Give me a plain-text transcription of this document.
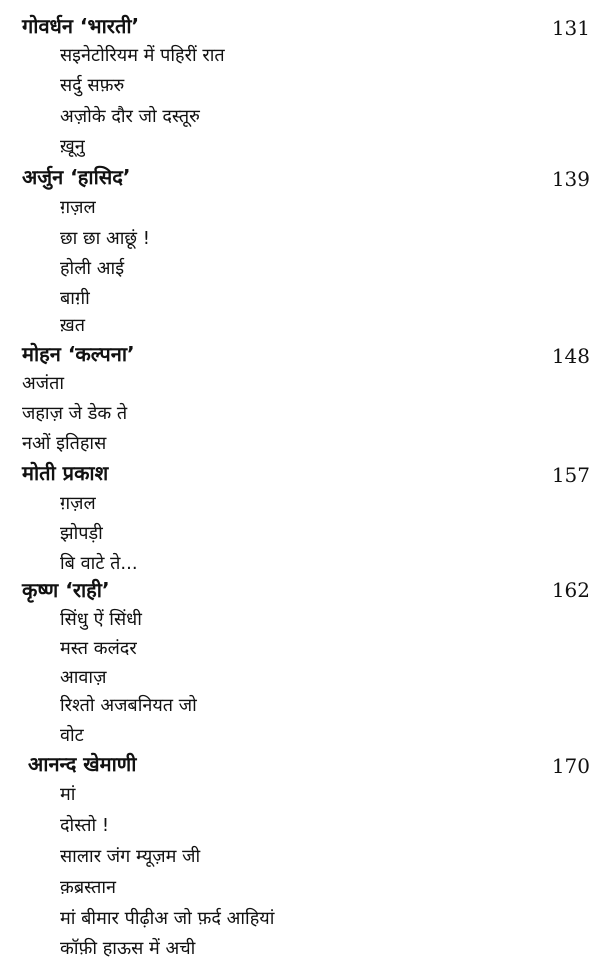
गोवर्धन ‘भारती’	131
सइनेटोरियम में पहिरीं रात
सर्दु सफ़रु
अज़ोके दौर जो दस्तूरु
ख़ूनु
अर्जुन ‘हासिद’	139
ग़ज़ल
छा छा आछूं !
होली आई
बाग़ी
ख़त
मोहन ‘कल्पना’	148
अजंता
जहाज़ जे डेक ते
नओं इतिहास
मोती प्रकाश	157
ग़ज़ल
झोपड़ी
बि वाटे ते...
कृष्ण ‘राही’	162
सिंधु ऐं सिंधी
मस्त कलंदर
आवाज़
रिश्तो अजबनियत जो
वोट
आनन्द खेमाणी	170
मां
दोस्तो !
सालार जंग म्यूज़म जी
क़ब्रस्तान
मां बीमार पीढ़ीअ जो फ़र्द आहियां
कॉफ़ी हाऊस में अची
